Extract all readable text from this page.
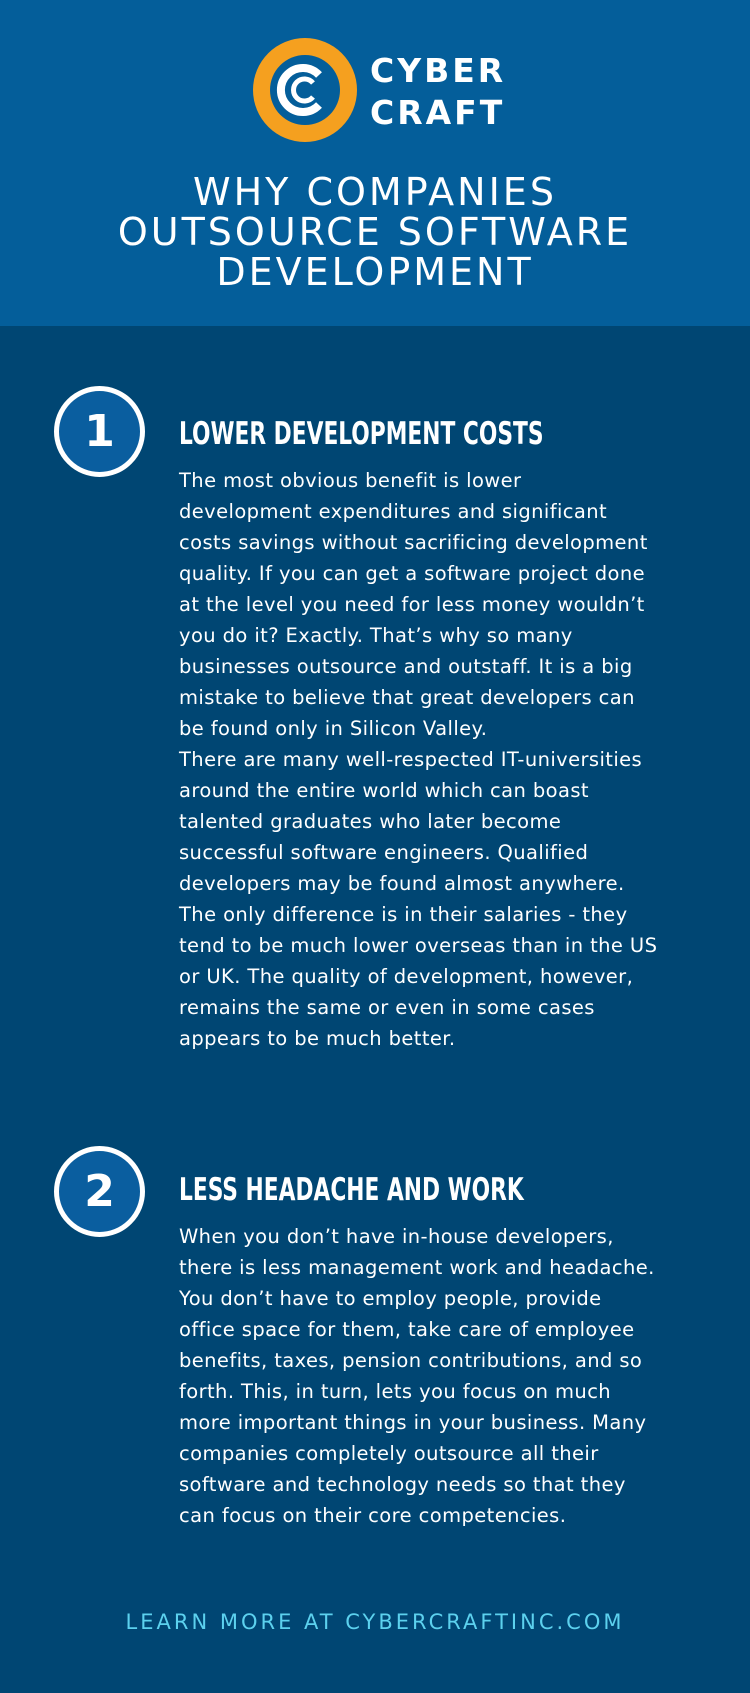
CYBER
CRAFT
WHY COMPANIES
OUTSOURCE SOFTWARE
DEVELOPMENT
1	LOWER DEVELOPMENT COSTS

The most obvious benefit is lower development expenditures and significant costs savings without sacrificing development quality. If you can get a software project done at the level you need for less money wouldn’t you do it? Exactly. That’s why so many businesses outsource and outstaff. It is a big mistake to believe that great developers can be found only in Silicon Valley.

There are many well-respected IT-universities around the entire world which can boast talented graduates who later become successful software engineers. Qualified developers may be found almost anywhere. The only difference is in their salaries - they tend to be much lower overseas than in the US or UK. The quality of development, however, remains the same or even in some cases appears to be much better.

2	LESS HEADACHE AND WORK

When you don’t have in-house developers, there is less management work and headache. You don’t have to employ people, provide office space for them, take care of employee benefits, taxes, pension contributions, and so forth. This, in turn, lets you focus on much more important things in your business. Many companies completely outsource all their software and technology needs so that they can focus on their core competencies.

LEARN MORE AT CYBERCRAFTINC.COM
